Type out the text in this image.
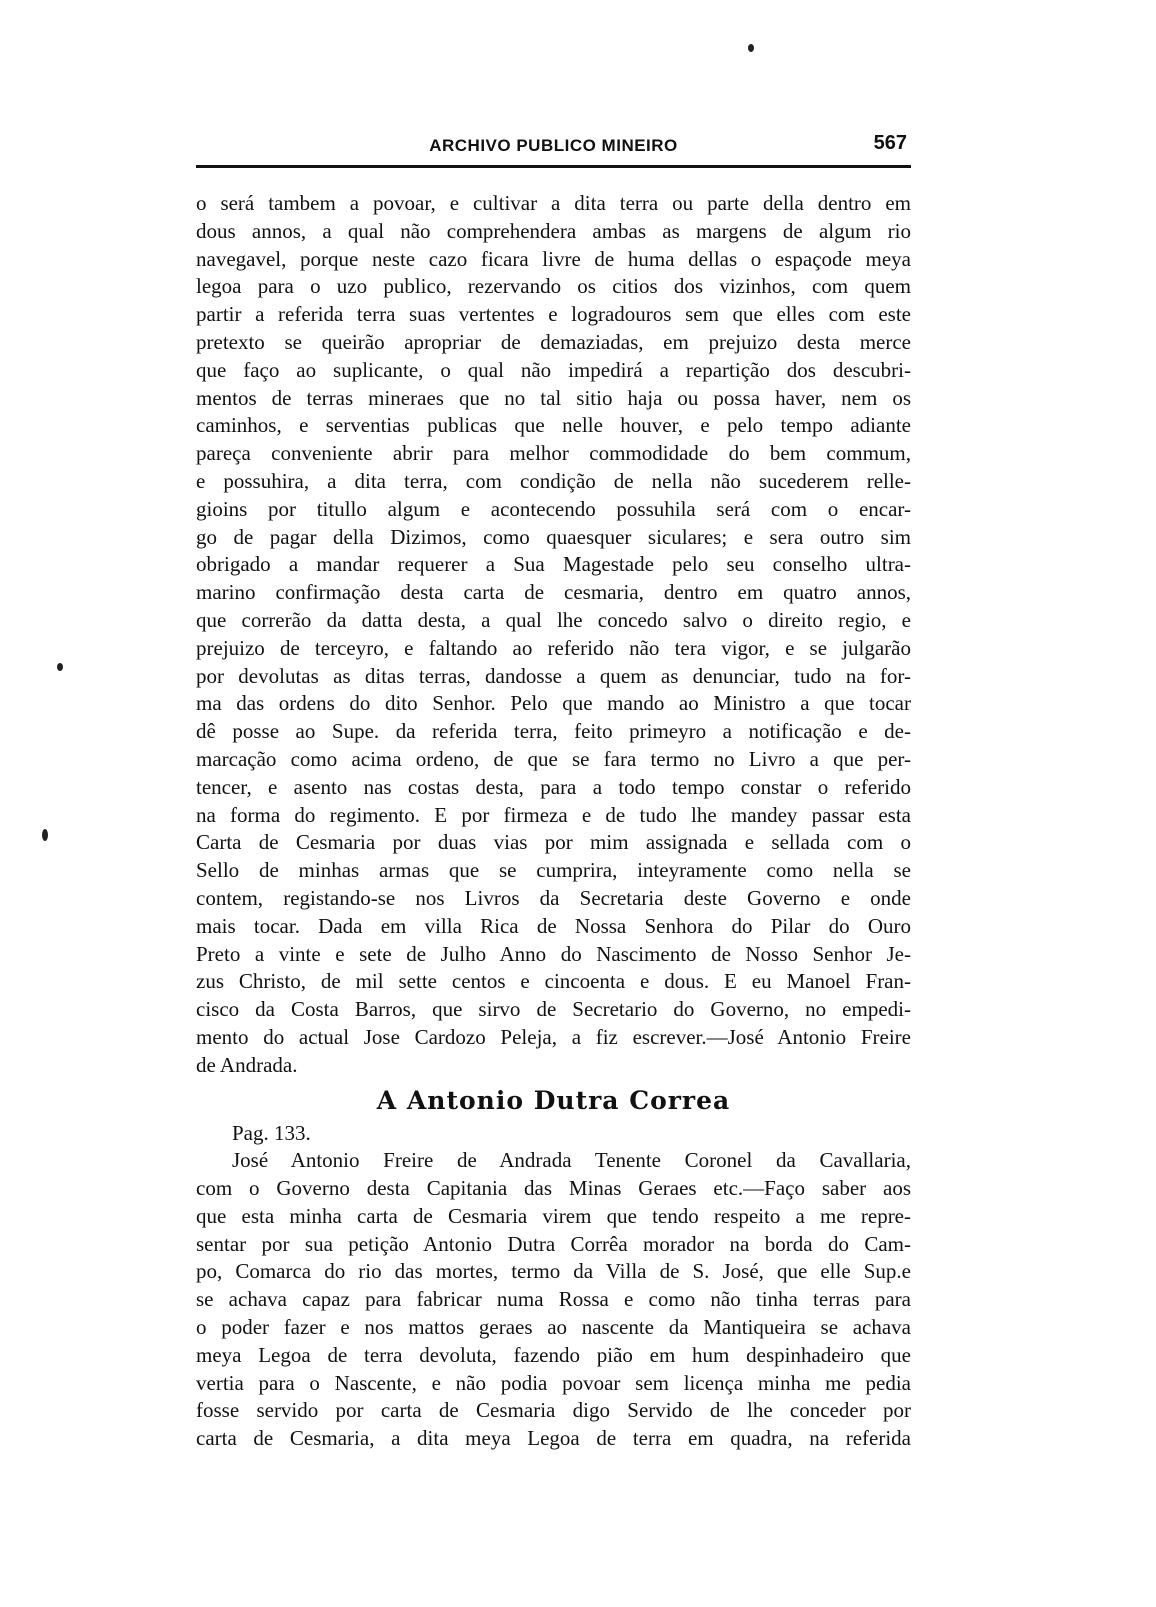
ARCHIVO PUBLICO MINEIRO	567
o será tambem a povoar, e cultivar a dita terra ou parte della dentro em
dous annos, a qual não comprehendera ambas as margens de algum rio
navegavel, porque neste cazo ficara livre de huma dellas o espaçode meya
legoa para o uzo publico, rezervando os citios dos vizinhos, com quem
partir a referida terra suas vertentes e logradouros sem que elles com este
pretexto se queirão apropriar de demaziadas, em prejuizo desta merce
que faço ao suplicante, o qual não impedirá a repartição dos descubri-
mentos de terras mineraes que no tal sitio haja ou possa haver, nem os
caminhos, e serventias publicas que nelle houver, e pelo tempo adiante
pareça conveniente abrir para melhor commodidade do bem commum,
e possuhira, a dita terra, com condição de nella não sucederem relle-
gioins por titullo algum e acontecendo possuhila será com o encar-
go de pagar della Dizimos, como quaesquer siculares; e sera outro sim
obrigado a mandar requerer a Sua Magestade pelo seu conselho ultra-
marino confirmação desta carta de cesmaria, dentro em quatro annos,
que correrão da datta desta, a qual lhe concedo salvo o direito regio, e
prejuizo de terceyro, e faltando ao referido não tera vigor, e se julgarão
por devolutas as ditas terras, dandosse a quem as denunciar, tudo na for-
ma das ordens do dito Senhor. Pelo que mando ao Ministro a que tocar
dê posse ao Supe. da referida terra, feito primeyro a notificação e de-
marcação como acima ordeno, de que se fara termo no Livro a que per-
tencer, e asento nas costas desta, para a todo tempo constar o referido
na forma do regimento. E por firmeza e de tudo lhe mandey passar esta
Carta de Cesmaria por duas vias por mim assignada e sellada com o
Sello de minhas armas que se cumprira, inteyramente como nella se
contem, registando-se nos Livros da Secretaria deste Governo e onde
mais tocar. Dada em villa Rica de Nossa Senhora do Pilar do Ouro
Preto a vinte e sete de Julho Anno do Nascimento de Nosso Senhor Je-
zus Christo, de mil sette centos e cincoenta e dous. E eu Manoel Fran-
cisco da Costa Barros, que sirvo de Secretario do Governo, no empedi-
mento do actual Jose Cardozo Peleja, a fiz escrever.—José Antonio Freire
de Andrada.
A Antonio Dutra Correa
Pag. 133.
José Antonio Freire de Andrada Tenente Coronel da Cavallaria,
com o Governo desta Capitania das Minas Geraes etc.—Faço saber aos
que esta minha carta de Cesmaria virem que tendo respeito a me repre-
sentar por sua petição Antonio Dutra Corrêa morador na borda do Cam-
po, Comarca do rio das mortes, termo da Villa de S. José, que elle Sup.e
se achava capaz para fabricar numa Rossa e como não tinha terras para
o poder fazer e nos mattos geraes ao nascente da Mantiqueira se achava
meya Legoa de terra devoluta, fazendo pião em hum despinhadeiro que
vertia para o Nascente, e não podia povoar sem licença minha me pedia
fosse servido por carta de Cesmaria digo Servido de lhe conceder por
carta de Cesmaria, a dita meya Legoa de terra em quadra, na referida
